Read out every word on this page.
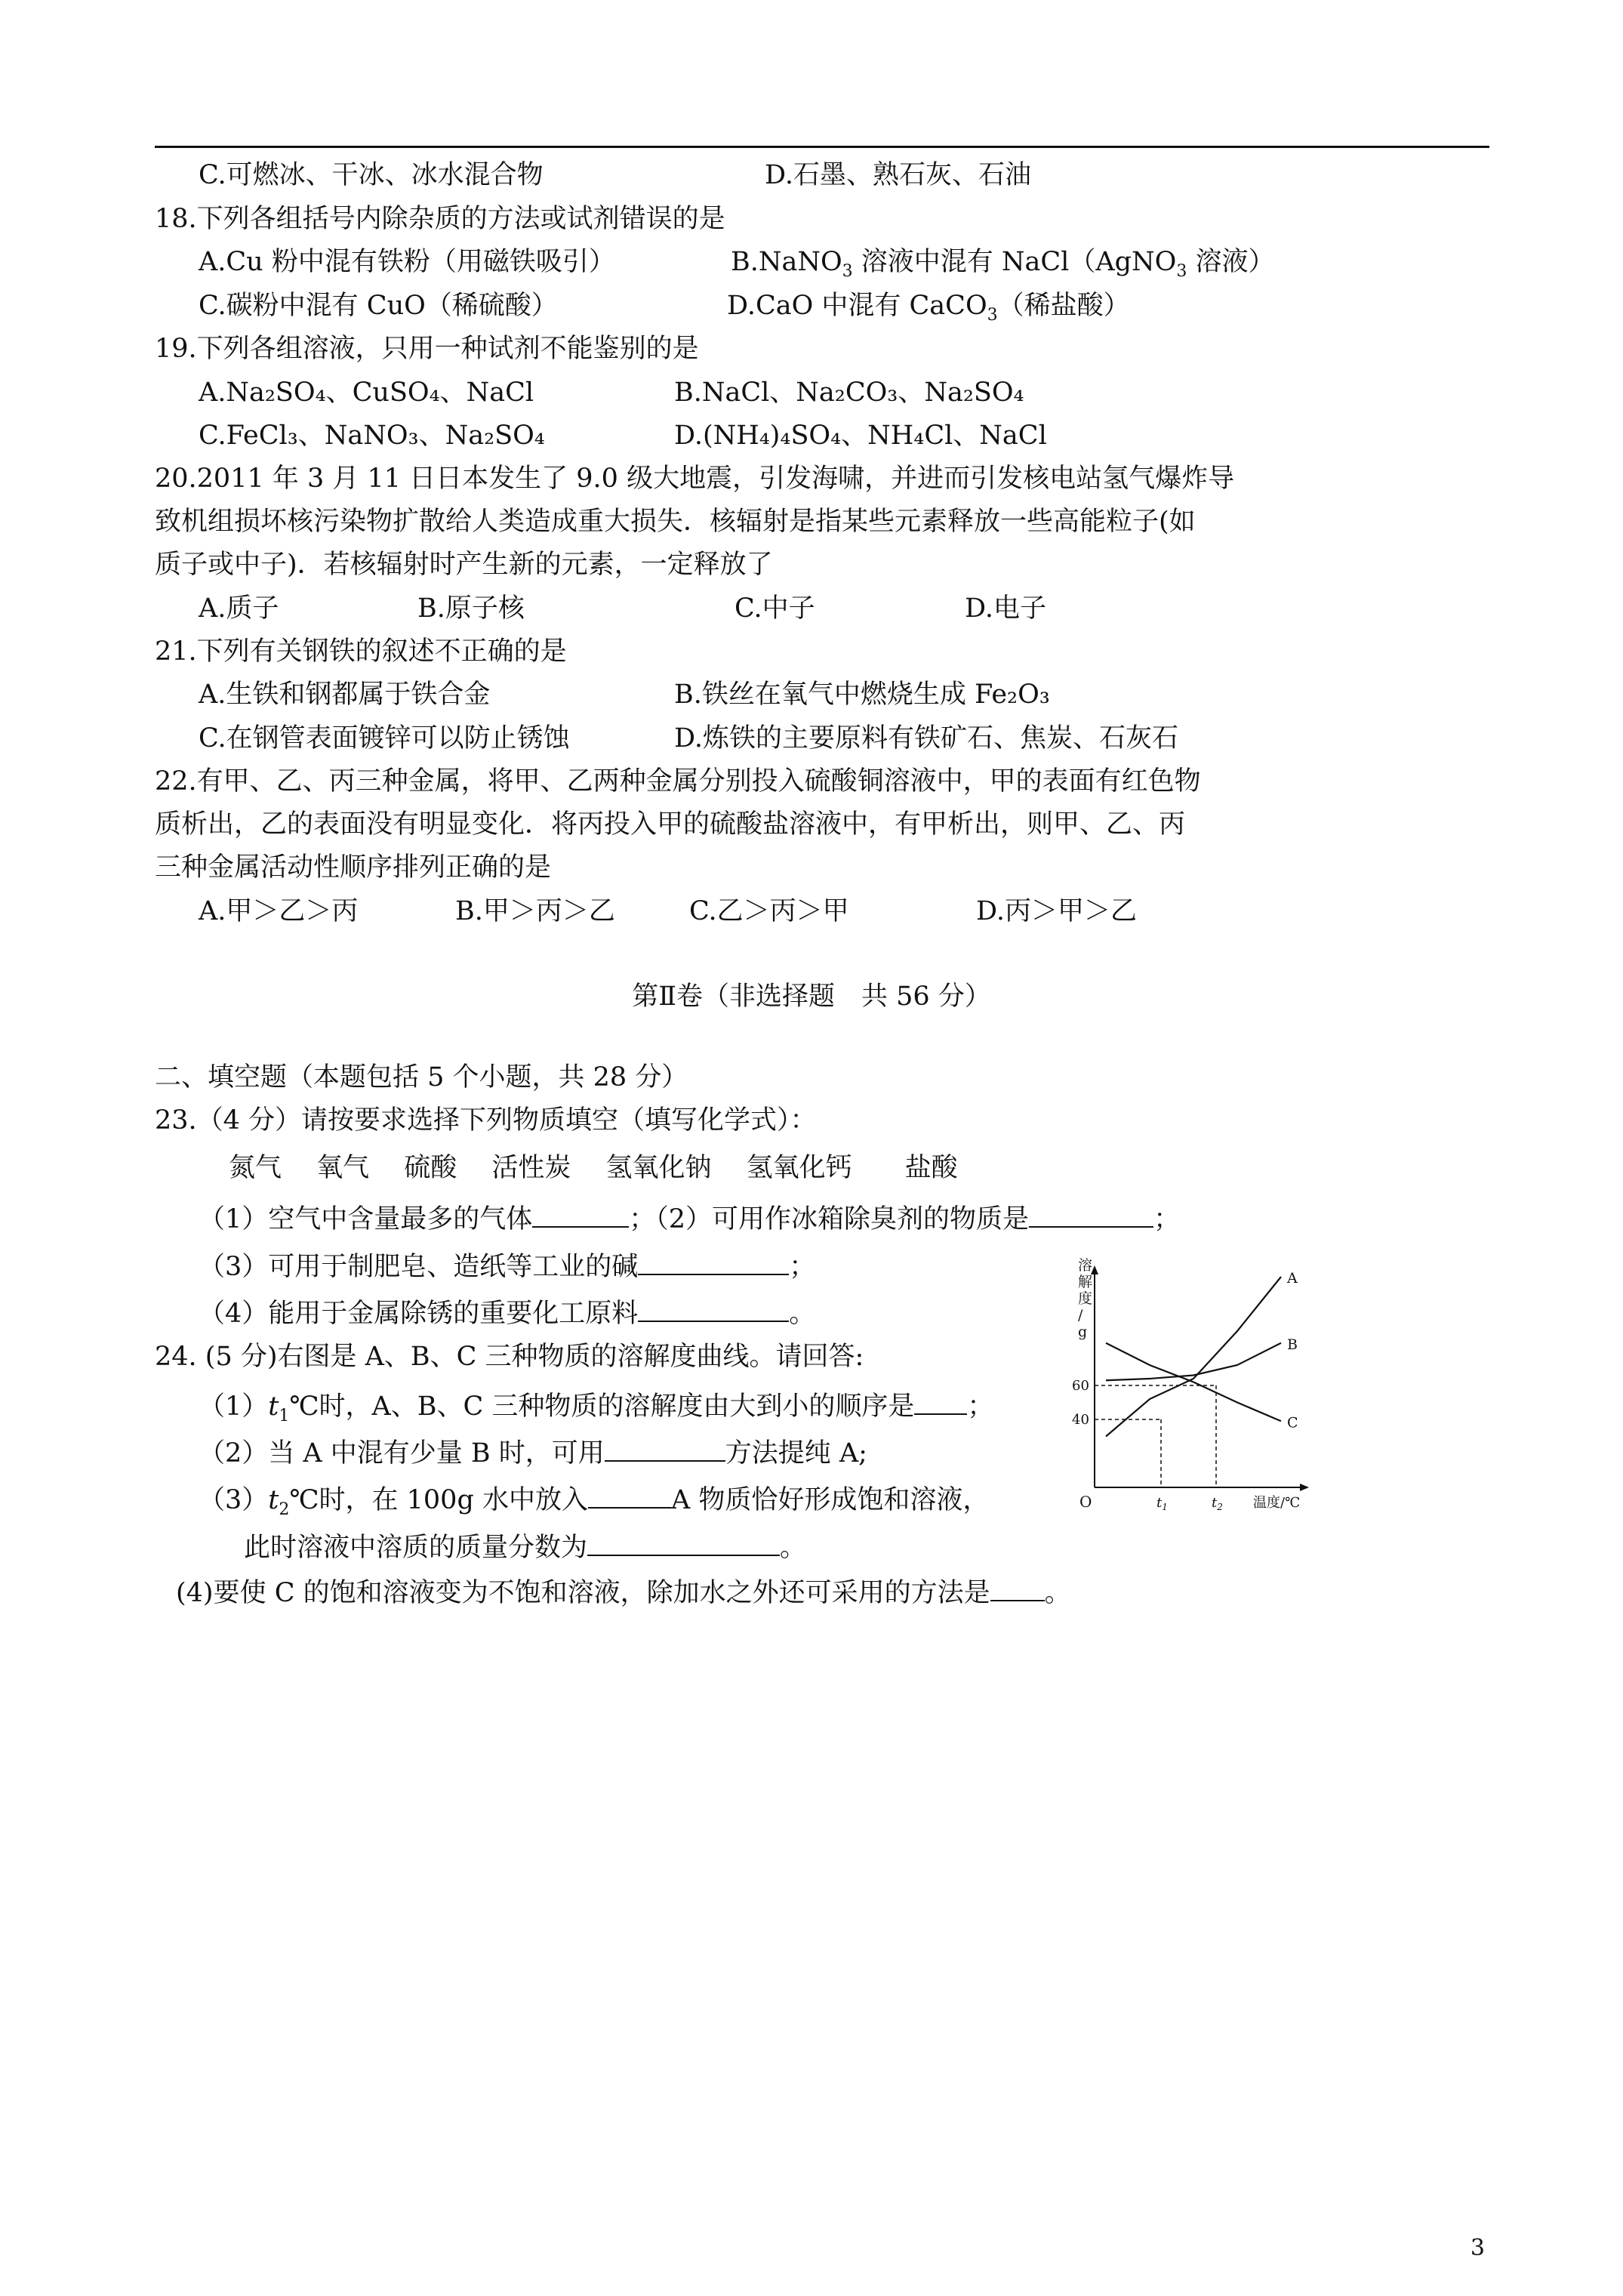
C.可燃冰、干冰、冰水混合物	D.石墨、熟石灰、石油
18.下列各组括号内除杂质的方法或试剂错误的是
A.Cu 粉中混有铁粉（用磁铁吸引）	B.NaNO$_3$ 溶液中混有 NaCl（AgNO$_3$ 溶液）
C.碳粉中混有 CuO（稀硫酸）	D.CaO 中混有 CaCO$_3$（稀盐酸）
19.下列各组溶液，只用一种试剂不能鉴别的是
A.Na₂SO₄、CuSO₄、NaCl	B.NaCl、Na₂CO₃、Na₂SO₄
C.FeCl₃、NaNO₃、Na₂SO₄	D.(NH₄)₄SO₄、NH₄Cl、NaCl
20.2011 年 3 月 11 日日本发生了 9.0 级大地震，引发海啸，并进而引发核电站氢气爆炸导
致机组损坏核污染物扩散给人类造成重大损失．核辐射是指某些元素释放一些高能粒子(如
质子或中子)．若核辐射时产生新的元素，一定释放了
A.质子	B.原子核	C.中子	D.电子
21.下列有关钢铁的叙述不正确的是
A.生铁和钢都属于铁合金	B.铁丝在氧气中燃烧生成 Fe₂O₃
C.在钢管表面镀锌可以防止锈蚀	D.炼铁的主要原料有铁矿石、焦炭、石灰石
22.有甲、乙、丙三种金属，将甲、乙两种金属分别投入硫酸铜溶液中，甲的表面有红色物
质析出，乙的表面没有明显变化．将丙投入甲的硫酸盐溶液中，有甲析出，则甲、乙、丙
三种金属活动性顺序排列正确的是
A.甲＞乙＞丙	B.甲＞丙＞乙	C.乙＞丙＞甲	D.丙＞甲＞乙
第Ⅱ卷（非选择题　共 56 分）
二、填空题（本题包括 5 个小题，共 28 分）
23.（4 分）请按要求选择下列物质填空（填写化学式）：
氮气　 氧气　 硫酸　 活性炭　 氢氧化钠　 氢氧化钙　　盐酸
（1）空气中含量最多的气体	；（2）可用作冰箱除臭剂的物质是	；
（3）可用于制肥皂、造纸等工业的碱	；
（4）能用于金属除锈的重要化工原料	。
24. (5 分)右图是 A、B、C 三种物质的溶解度曲线。请回答:
$(1)t_1℃$时，A、B、C 三种物质的溶解度由大到小的顺序是 ；
（2）当 A 中混有少量 B 时，可用	方法提纯 A;
$(3)t_2℃$时，在 100g 水中放入	A 物质恰好形成饱和溶液，
此时溶液中溶质的质量分数为	。
(4)要使 C 的饱和溶液变为不饱和溶液，除加水之外还可采用的方法是 。
溶
解
度
/
g
O	温度/℃
40
60
$t_1$	$t_2$
A
B
C
3
